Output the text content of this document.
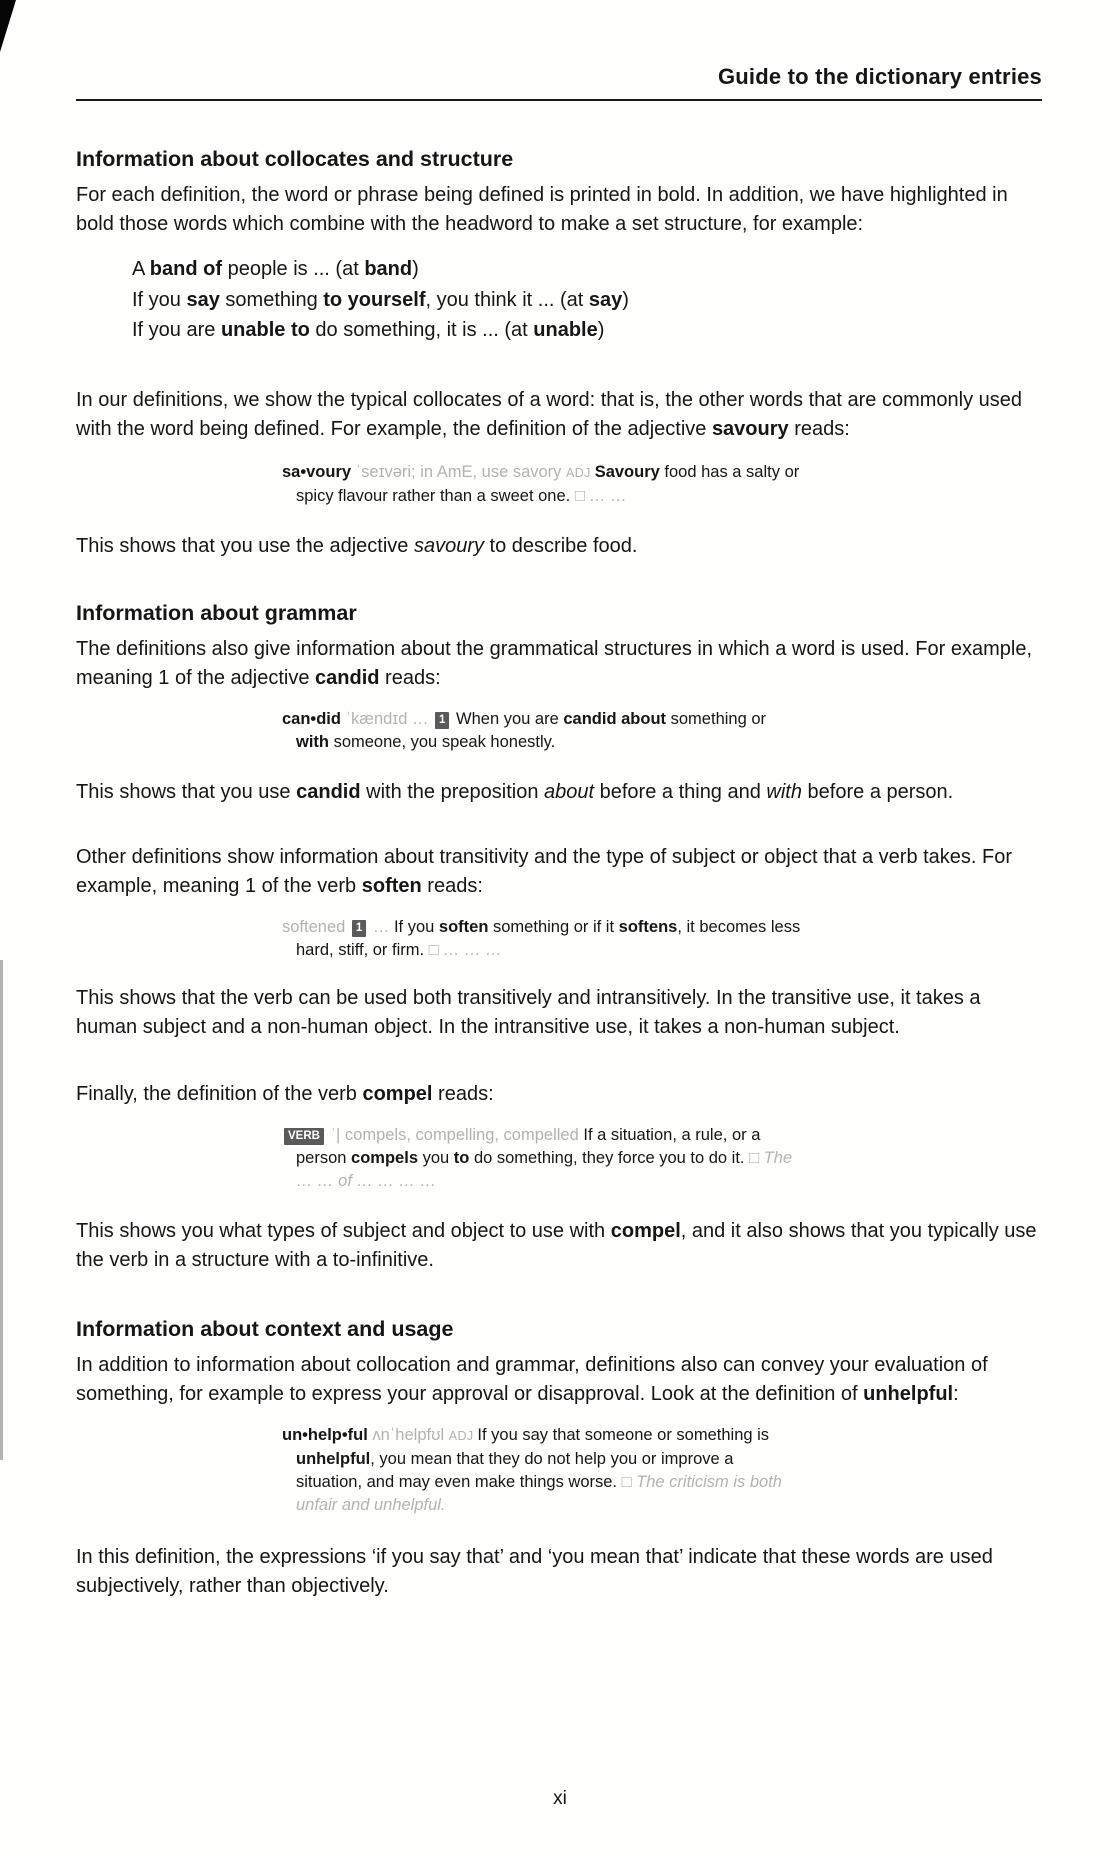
Guide to the dictionary entries
Information about collocates and structure

For each definition, the word or phrase being defined is printed in bold. In addition, we have highlighted in bold those words which combine with the headword to make a set structure, for example:

A band of people is ... (at band)

If you say something to yourself, you think it ... (at say)

If you are unable to do something, it is ... (at unable)

In our definitions, we show the typical collocates of a word: that is, the other words that are commonly used with the word being defined. For example, the definition of the adjective savoury reads:

sa•voury ˈseɪvəri; in AmE, use savory ADJ Savoury food has a salty or spicy flavour rather than a sweet one. □ … …

This shows that you use the adjective savoury to describe food.

Information about grammar

The definitions also give information about the grammatical structures in which a word is used. For example, meaning 1 of the adjective candid reads:

can•did ˈkændɪd … 1 When you are candid about something or with someone, you speak honestly.

This shows that you use candid with the preposition about before a thing and with before a person.

Other definitions show information about transitivity and the type of subject or object that a verb takes. For example, meaning 1 of the verb soften reads:

softened 1 … If you soften something or if it softens, it becomes less hard, stiff, or firm. □ … … …

This shows that the verb can be used both transitively and intransitively. In the transitive use, it takes a human subject and a non-human object. In the intransitive use, it takes a non-human subject.

Finally, the definition of the verb compel reads:

VERB ˈ| compels, compelling, compelled If a situation, a rule, or a person compels you to do something, they force you to do it. □ The … … of … … … …

This shows you what types of subject and object to use with compel, and it also shows that you typically use the verb in a structure with a to-infinitive.

Information about context and usage

In addition to information about collocation and grammar, definitions also can convey your evaluation of something, for example to express your approval or disapproval. Look at the definition of unhelpful:

un•help•ful ʌnˈhelpfʊl ADJ If you say that someone or something is unhelpful, you mean that they do not help you or improve a situation, and may even make things worse. □ The criticism is both unfair and unhelpful.

In this definition, the expressions ‘if you say that’ and ‘you mean that’ indicate that these words are used subjectively, rather than objectively.

xi
